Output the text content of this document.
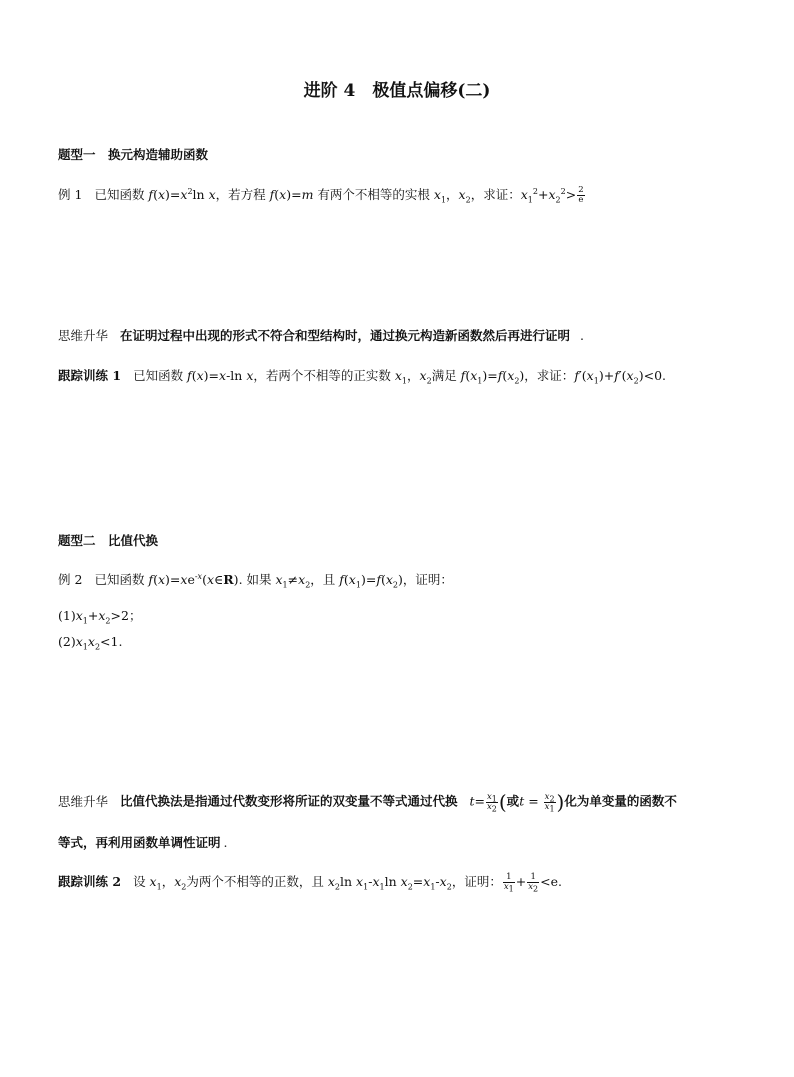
进阶 4　极值点偏移(二)
题型一　换元构造辅助函数
例 1 已知函数 $f(x)=x^2\ln$ x，若方程 f(x)=m 有两个不相等的实根 $x_1$，$x_2$，求证：$x_1^2+x_2^2> \frac{2}{e}$
思维升华 在证明过程中出现的形式不符合和型结构时，通过换元构造新函数然后再进行证明 .
跟踪训练 1 已知函数 f(x)=x-ln x，若两个不相等的正实数 $x_1$，$x_2$满足 $f(x_1)=f(x_2)$，求证：$f'(x_1)+f'(x_2)<0$.
题型二　比值代换
例 2 已知函数 $f(x)=xe^{-x}(x\in R)$. 如果 $x_1\ne x_2$，且 $f(x_1)=f(x_2)$，证明：
$(1)x_1+x_2>2$；
$(2)x_1x_2<1$.
思维升华 比值代换法是指通过代数变形将所证的双变量不等式通过代换 $t= \frac{x_1}{x_2}$ (或$t = \frac{x_2}{x_1}$ )化为单变量的函数不
等式，再利用函数单调性证明 .
跟踪训练 2 设 $x_1$，$x_2$为两个不相等的正数，且 $x_2\ln$ $x_1-x_1\ln$ $x_2=x_1-x_2$，证明： $\frac{1}{x_1} + \frac{1}{x_2} <e$.
